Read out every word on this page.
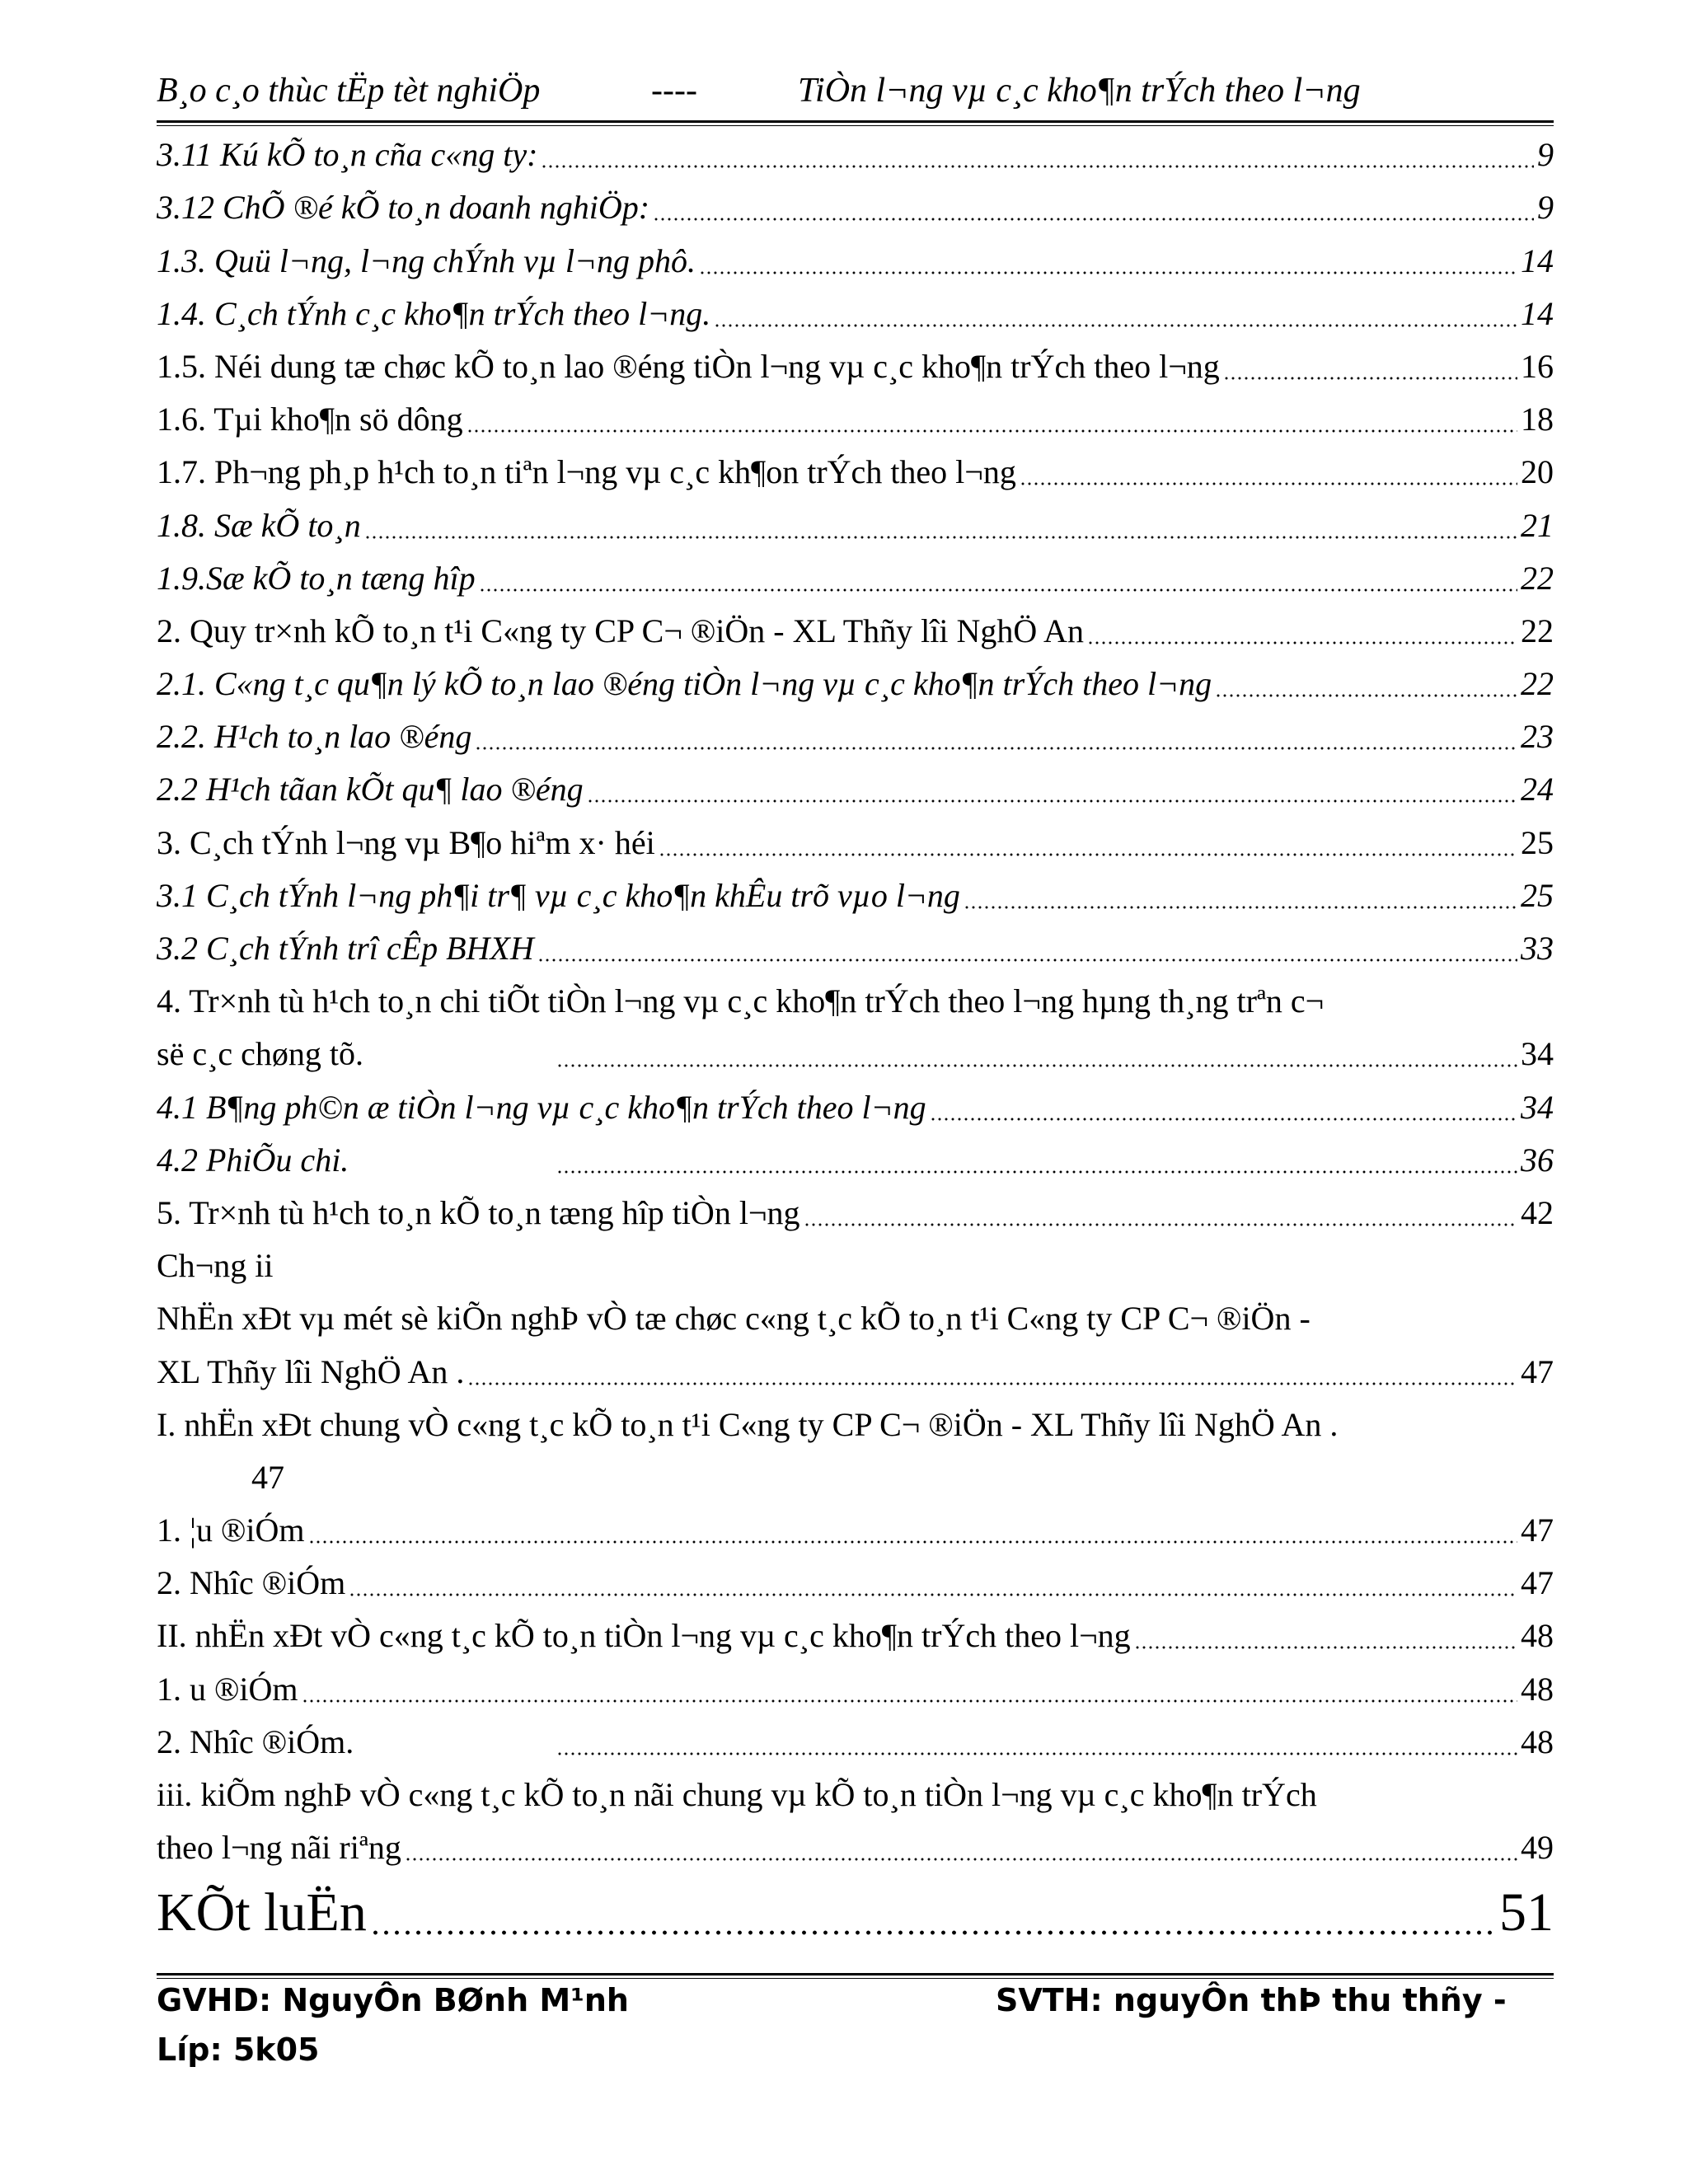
B¸o c¸o thùc tËp tèt nghiÖp	----	TiÒn l¬ng vµ c¸c kho¶n trÝch theo l¬ng
3.11 Kú kÕ to¸n cña c«ng ty:	9
3.12 ChÕ ®é kÕ to¸n doanh nghiÖp:	9
1.3. Quü l¬ng, l¬ng chÝnh vµ l¬ng phô.	14
1.4. C¸ch tÝnh c¸c kho¶n trÝch theo l¬ng.	14
1.5. Néi dung tæ chøc kÕ to¸n lao ®éng tiÒn l¬ng vµ c¸c kho¶n trÝch theo l¬ng	16
1.6. Tµi kho¶n sö dông	18
1.7. Ph¬ng ph¸p h¹ch to¸n tiªn l¬ng vµ c¸c kh¶on trÝch theo l¬ng	20
1.8. Sæ kÕ to¸n	21
1.9.Sæ kÕ to¸n tæng hîp	22
2. Quy tr×nh kÕ to¸n t¹i C«ng ty CP C¬ ®iÖn - XL Thñy lîi NghÖ An	22
2.1. C«ng t¸c qu¶n lý kÕ to¸n lao ®éng tiÒn l¬ng vµ c¸c kho¶n trÝch theo l¬ng	22
2.2. H¹ch to¸n lao ®éng	23
2.2 H¹ch tãan kÕt qu¶ lao ®éng	24
3. C¸ch tÝnh l¬ng vµ B¶o hiªm x· héi	25
3.1 C¸ch tÝnh l¬ng ph¶i tr¶ vµ c¸c kho¶n khÊu trõ vµo l¬ng	25
3.2 C¸ch tÝnh trî cÊp BHXH	33
4. Tr×nh tù h¹ch to¸n chi tiÕt tiÒn l¬ng vµ c¸c kho¶n trÝch theo l¬ng hµng th¸ng trªn c¬
së c¸c chøng tõ.	34
4.1 B¶ng ph©n æ tiÒn l¬ng vµ c¸c kho¶n trÝch theo l¬ng	34
4.2 PhiÕu chi.	36
5. Tr×nh tù h¹ch to¸n kÕ to¸n tæng hîp tiÒn l¬ng	42
Ch¬ng ii
NhËn xÐt vµ mét sè kiÕn nghÞ vÒ tæ chøc c«ng t¸c kÕ to¸n t¹i C«ng ty CP C¬ ®iÖn -
XL Thñy lîi NghÖ An .	47
I. nhËn xÐt chung vÒ c«ng t¸c kÕ to¸n t¹i C«ng ty CP C¬ ®iÖn - XL Thñy lîi NghÖ An .
47
1. ¦u ®iÓm	47
2. Nhîc ®iÓm	47
II. nhËn xÐt vÒ c«ng t¸c kÕ to¸n tiÒn l¬ng vµ c¸c kho¶n trÝch theo l¬ng	48
1. u ®iÓm	48
2. Nhîc ®iÓm.	48
iii. kiÕm nghÞ vÒ c«ng t¸c kÕ to¸n nãi chung vµ kÕ to¸n tiÒn l¬ng vµ c¸c kho¶n trÝch
theo l¬ng nãi riªng	49
KÕt luËn	51
GVHD: NguyÔn BØnh M¹nh	SVTH: nguyÔn thÞ thu thñy -
Líp: 5k05
